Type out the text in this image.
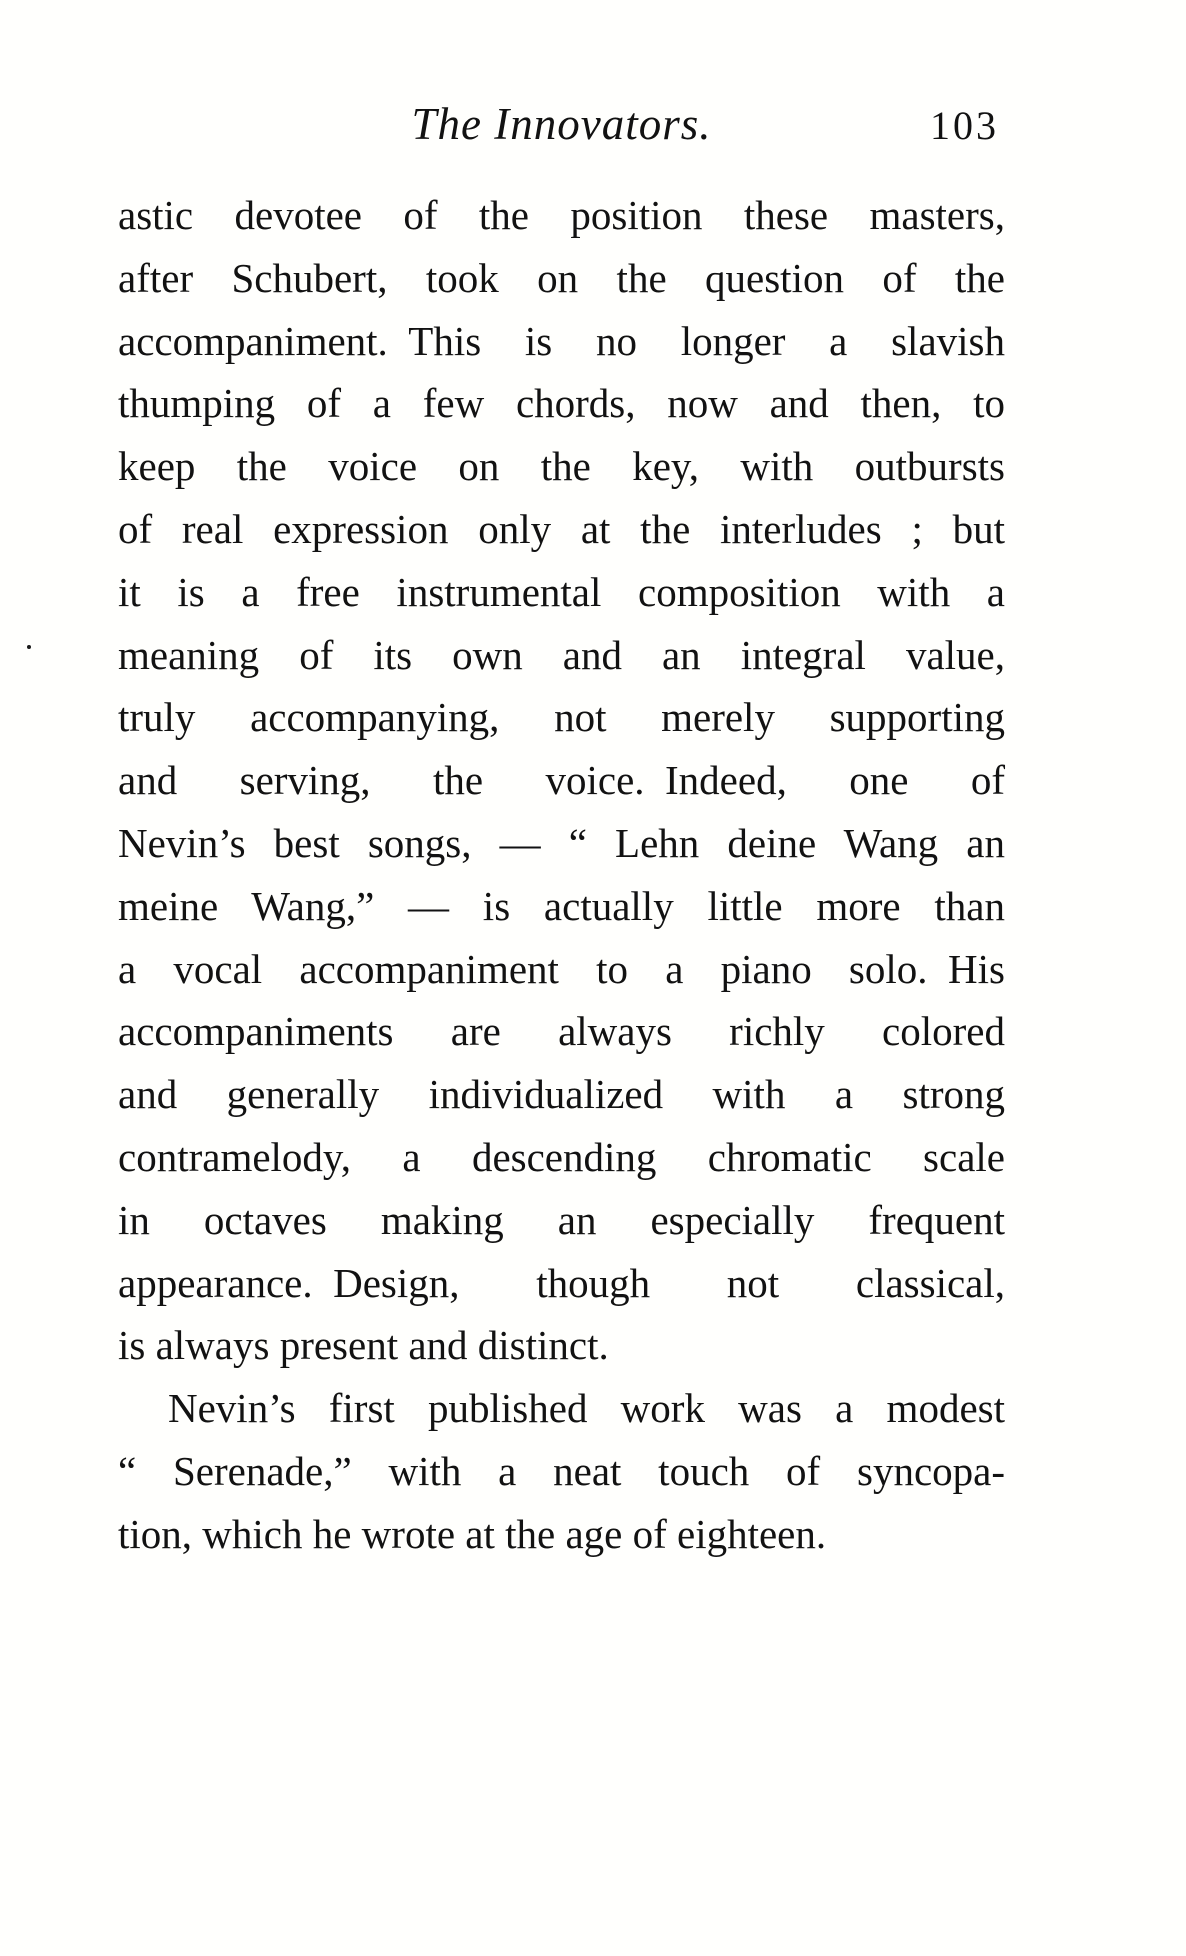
The Innovators.	103
astic devotee of the position these masters,
after Schubert, took on the question of the
accompaniment. This is no longer a slavish
thumping of a few chords, now and then, to
keep the voice on the key, with outbursts
of real expression only at the interludes ; but
it is a free instrumental composition with a
meaning of its own and an integral value,
truly accompanying, not merely supporting
and serving, the voice. Indeed, one of
Nevin’s best songs, — “ Lehn deine Wang an
meine Wang,” — is actually little more than
a vocal accompaniment to a piano solo. His
accompaniments are always richly colored
and generally individualized with a strong
contramelody, a descending chromatic scale
in octaves making an especially frequent
appearance. Design, though not classical,
is always present and distinct.
Nevin’s first published work was a modest
“ Serenade,” with a neat touch of syncopa-
tion, which he wrote at the age of eighteen.
